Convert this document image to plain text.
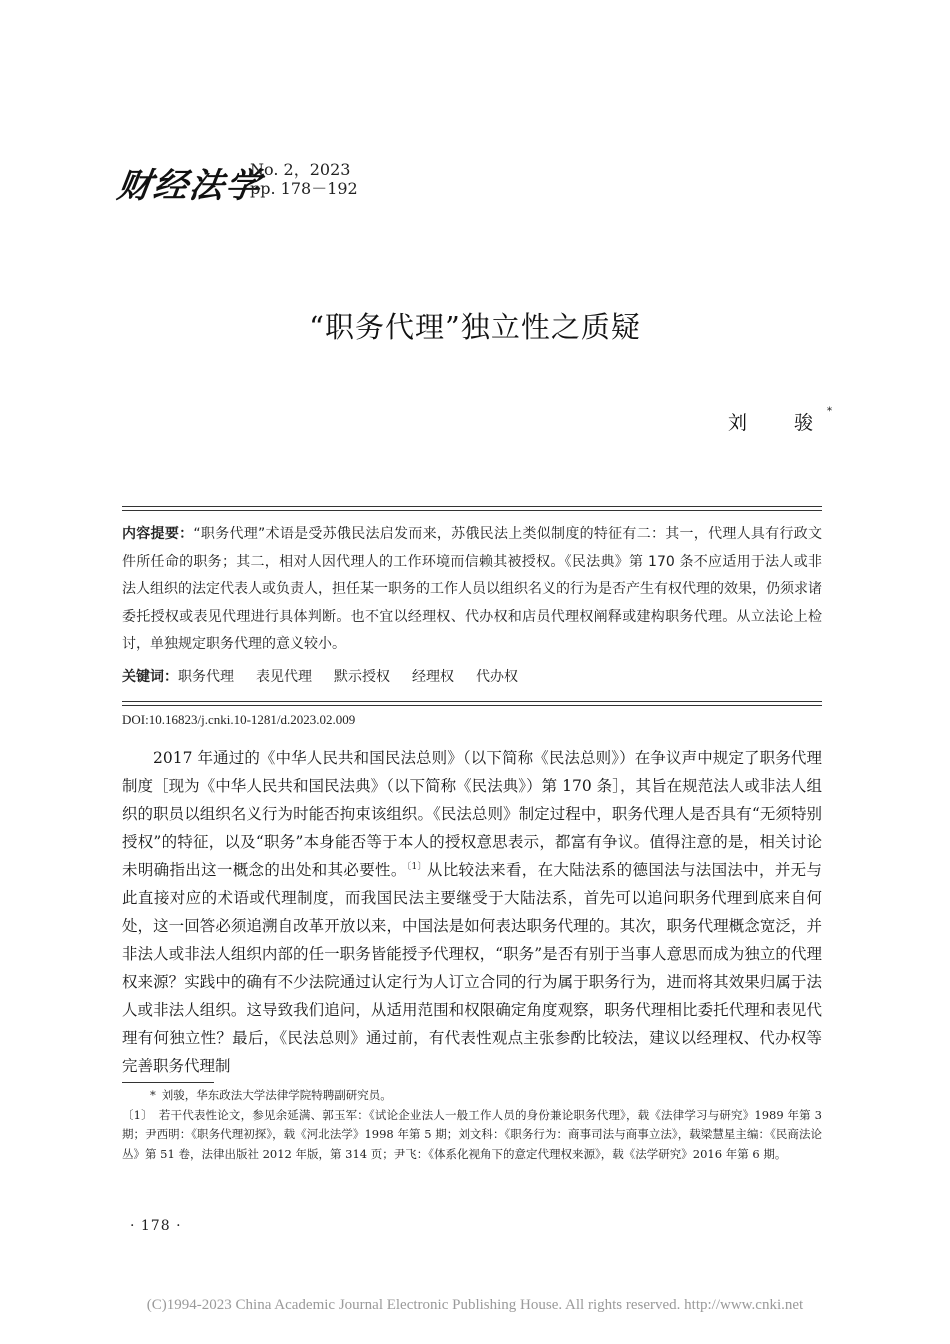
财经法学
No. 2，2023
pp. 178－192
“职务代理”独立性之质疑
刘　骏*
内容提要：“职务代理”术语是受苏俄民法启发而来，苏俄民法上类似制度的特征有二：其一，代理人具有行政文件所任命的职务；其二，相对人因代理人的工作环境而信赖其被授权。《民法典》第 170 条不应适用于法人或非法人组织的法定代表人或负责人，担任某一职务的工作人员以组织名义的行为是否产生有权代理的效果，仍须求诸委托授权或表见代理进行具体判断。也不宜以经理权、代办权和店员代理权阐释或建构职务代理。从立法论上检讨，单独规定职务代理的意义较小。
关键词：职务代理 表见代理 默示授权 经理权 代办权
DOI:10.16823/j.cnki.10-1281/d.2023.02.009

2017 年通过的《中华人民共和国民法总则》（以下简称《民法总则》）在争议声中规定了职务代理制度［现为《中华人民共和国民法典》（以下简称《民法典》）第 170 条］，其旨在规范法人或非法人组织的职员以组织名义行为时能否拘束该组织。《民法总则》制定过程中，职务代理人是否具有“无须特别授权”的特征，以及“职务”本身能否等于本人的授权意思表示，都富有争议。值得注意的是，相关讨论未明确指出这一概念的出处和其必要性。$^{〔1〕}$从比较法来看，在大陆法系的德国法与法国法中，并无与此直接对应的术语或代理制度，而我国民法主要继受于大陆法系，首先可以追问职务代理到底来自何处，这一回答必须追溯自改革开放以来，中国法是如何表达职务代理的。其次，职务代理概念宽泛，并非法人或非法人组织内部的任一职务皆能授予代理权，“职务”是否有别于当事人意思而成为独立的代理权来源？实践中的确有不少法院通过认定行为人订立合同的行为属于职务行为，进而将其效果归属于法人或非法人组织。这导致我们追问，从适用范围和权限确定角度观察，职务代理相比委托代理和表见代理有何独立性？最后，《民法总则》通过前，有代表性观点主张参酌比较法，建议以经理权、代办权等完善职务代理制

* 刘骏，华东政法大学法律学院特聘副研究员。

〔1〕 若干代表性论文，参见余延满、郭玉军：《试论企业法人一般工作人员的身份兼论职务代理》，载《法律学习与研究》1989 年第 3 期；尹西明：《职务代理初探》，载《河北法学》1998 年第 5 期；刘文科：《职务行为：商事司法与商事立法》，载梁慧星主编：《民商法论丛》第 51 卷，法律出版社 2012 年版，第 314 页；尹飞：《体系化视角下的意定代理权来源》，载《法学研究》2016 年第 6 期。

· 178 ·
(C)1994-2023 China Academic Journal Electronic Publishing House. All rights reserved. http://www.cnki.net
